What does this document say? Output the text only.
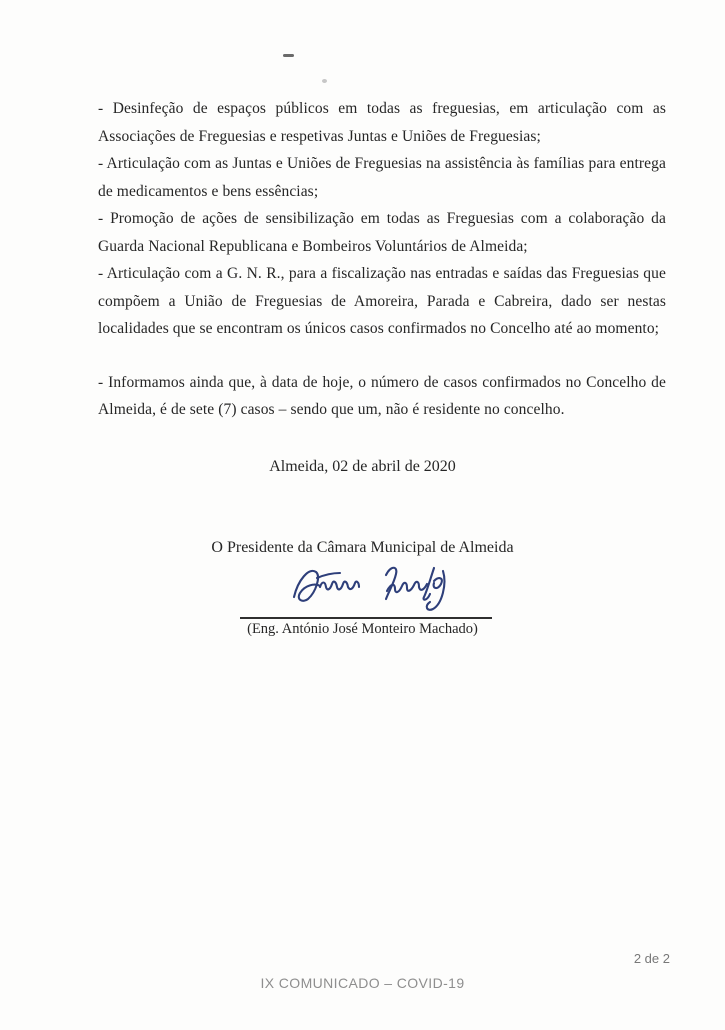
- Desinfeção de espaços públicos em todas as freguesias, em articulação com as Associações de Freguesias e respetivas Juntas e Uniões de Freguesias;

- Articulação com as Juntas e Uniões de Freguesias na assistência às famílias para entrega de medicamentos e bens essências;

- Promoção de ações de sensibilização em todas as Freguesias com a colaboração da Guarda Nacional Republicana e Bombeiros Voluntários de Almeida;

- Articulação com a G. N. R., para a fiscalização nas entradas e saídas das Freguesias que compõem a União de Freguesias de Amoreira, Parada e Cabreira, dado ser nestas localidades que se encontram os únicos casos confirmados no Concelho até ao momento;

- Informamos ainda que, à data de hoje, o número de casos confirmados no Concelho de Almeida, é de sete (7) casos – sendo que um, não é residente no concelho.

Almeida, 02 de abril de 2020
O Presidente da Câmara Municipal de Almeida
(Eng. António José Monteiro Machado)
2 de 2
IX COMUNICADO – COVID-19
